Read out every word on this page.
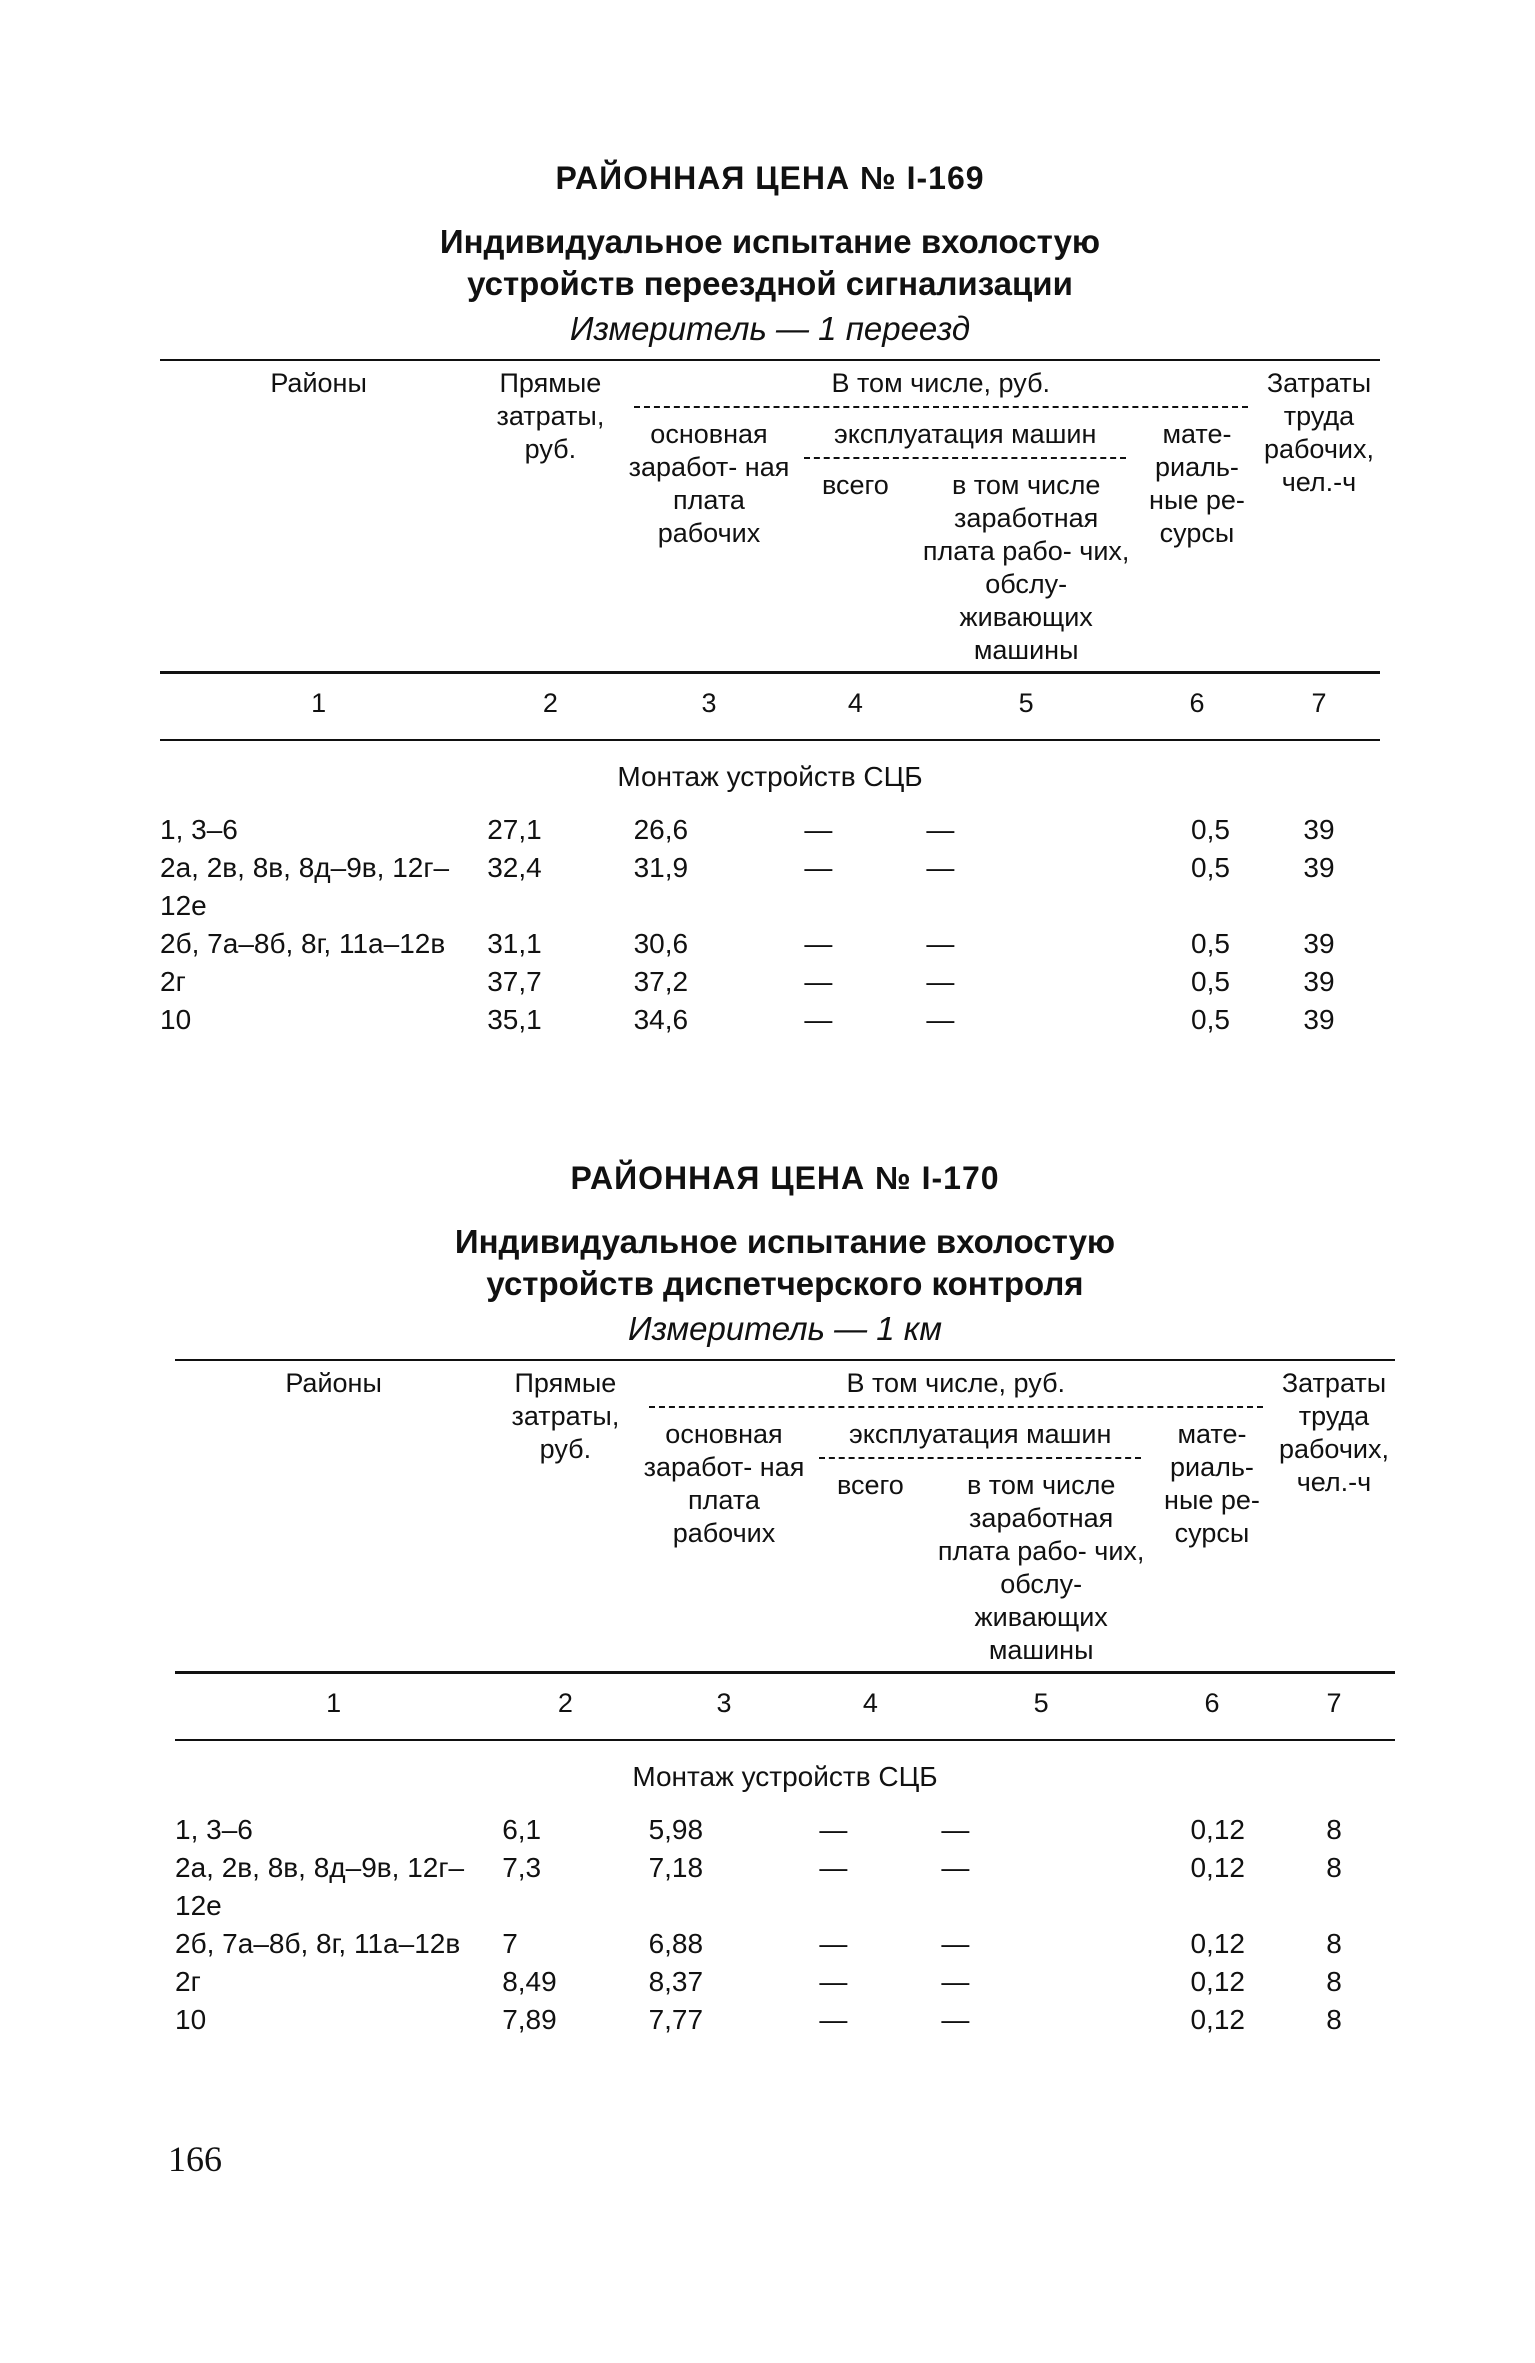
РАЙОННАЯ ЦЕНА № I-169
Индивидуальное испытание вхолостую
устройств переездной сигнализации
Измеритель — 1 переезд
Районы	Прямые затраты, руб.	В том числе, руб.				Затраты труда рабочих, чел.-ч
		основная заработ- ная плата рабочих	эксплуатация машин		мате- риаль- ные ре- сурсы	
			всего	в том числе заработная плата рабо- чих, обслу- живающих машины		
1	2	3	4	5	6	7
Монтаж устройств СЦБ
1, 3–6	27,1	26,6	—	—	0,5	39
2а, 2в, 8в, 8д–9в, 12г–12е	32,4	31,9	—	—	0,5	39
2б, 7а–8б, 8г, 11а–12в	31,1	30,6	—	—	0,5	39
2г	37,7	37,2	—	—	0,5	39
10	35,1	34,6	—	—	0,5	39
РАЙОННАЯ ЦЕНА № I-170
Индивидуальное испытание вхолостую
устройств диспетчерского контроля
Измеритель — 1 км
Районы	Прямые затраты, руб.	В том числе, руб.				Затраты труда рабочих, чел.-ч
		основная заработ- ная плата рабочих	эксплуатация машин		мате- риаль- ные ре- сурсы	
			всего	в том числе заработная плата рабо- чих, обслу- живающих машины		
1	2	3	4	5	6	7
Монтаж устройств СЦБ
1, 3–6	6,1	5,98	—	—	0,12	8
2а, 2в, 8в, 8д–9в, 12г–12е	7,3	7,18	—	—	0,12	8
2б, 7а–8б, 8г, 11а–12в	7	6,88	—	—	0,12	8
2г	8,49	8,37	—	—	0,12	8
10	7,89	7,77	—	—	0,12	8
166
